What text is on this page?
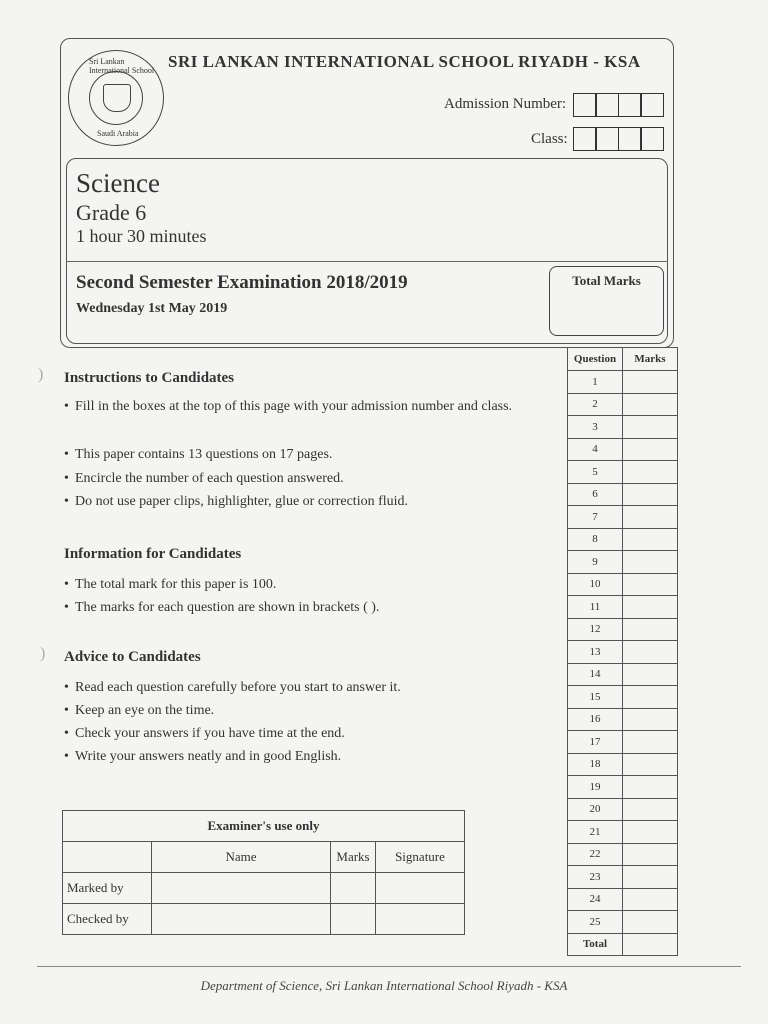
Sri Lankan International School
Saudi Arabia
SRI LANKAN INTERNATIONAL SCHOOL RIYADH - KSA
Admission Number:
Class:
Science
Grade 6
1 hour 30 minutes
Second Semester Examination 2018/2019
Wednesday 1st May 2019
Total Marks
)
)
Instructions to Candidates
• Fill in the boxes at the top of this page with your admission number and class.
• This paper contains 13 questions on 17 pages.
• Encircle the number of each question answered.
• Do not use paper clips, highlighter, glue or correction fluid.
Information for Candidates
• The total mark for this paper is 100.
• The marks for each question are shown in brackets ( ).
Advice to Candidates
• Read each question carefully before you start to answer it.
• Keep an eye on the time.
• Check your answers if you have time at the end.
• Write your answers neatly and in good English.
Question	Marks
1	
2	
3	
4	
5	
6	
7	
8	
9	
10	
11	
12	
13	
14	
15	
16	
17	
18	
19	
20	
21	
22	
23	
24	
25	
Total	
Examiner's use only			
	Name	Marks	Signature
Marked by			
Checked by			
Department of Science, Sri Lankan International School Riyadh - KSA
